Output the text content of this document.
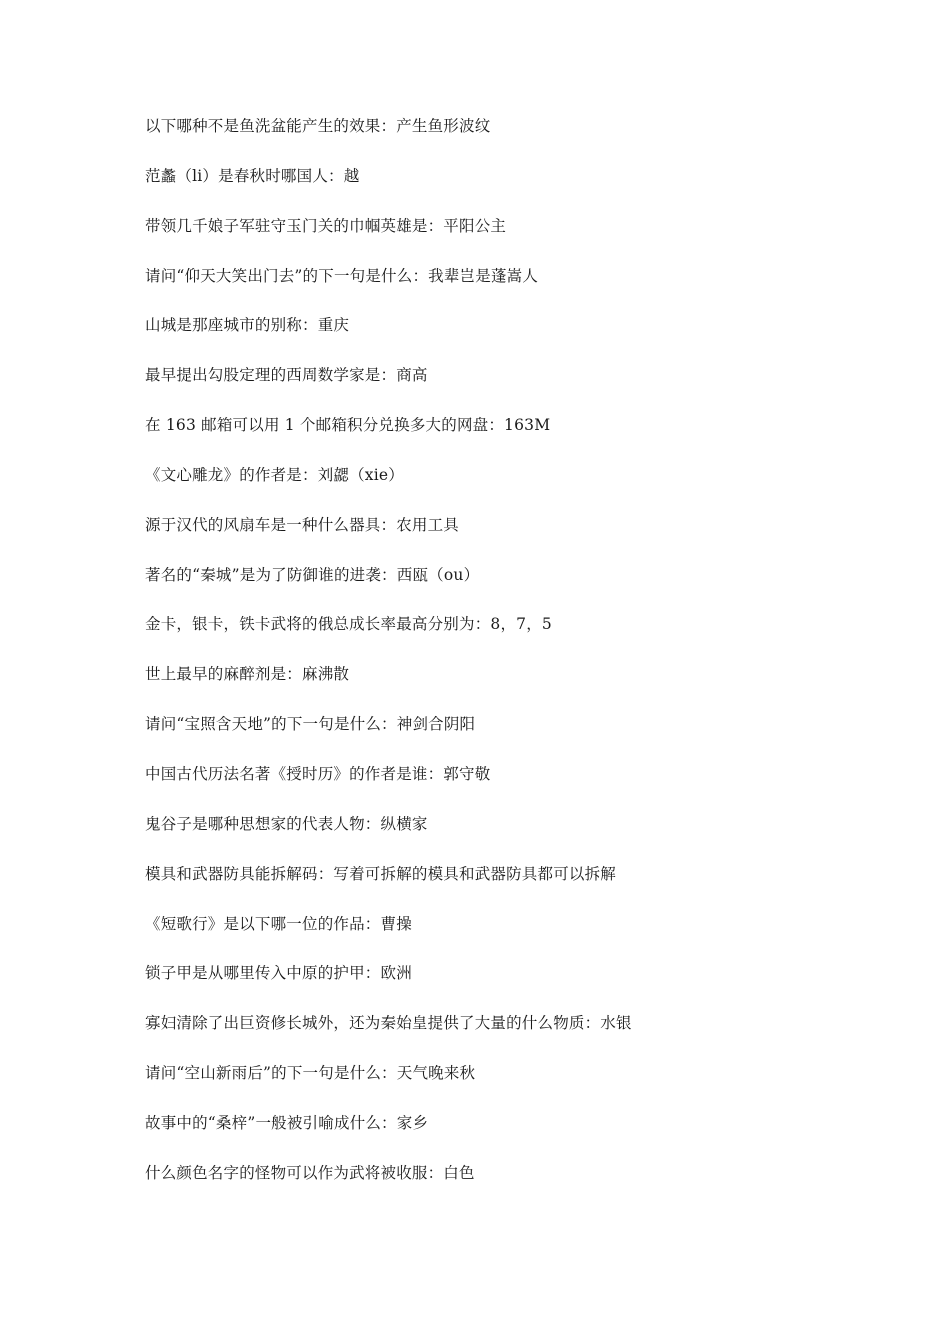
以下哪种不是鱼洗盆能产生的效果：产生鱼形波纹
范蠡（li）是春秋时哪国人：越
带领几千娘子军驻守玉门关的巾帼英雄是：平阳公主
请问“仰天大笑出门去”的下一句是什么：我辈岂是蓬嵩人
山城是那座城市的别称：重庆
最早提出勾股定理的西周数学家是：商高
在 163 邮箱可以用 1 个邮箱积分兑换多大的网盘：163M
《文心雕龙》的作者是：刘勰（xie）
源于汉代的风扇车是一种什么器具：农用工具
著名的“秦城”是为了防御谁的进袭：西瓯（ou）
金卡，银卡，铁卡武将的俄总成长率最高分别为：8，7，5
世上最早的麻醉剂是：麻沸散
请问“宝照含天地”的下一句是什么：神剑合阴阳
中国古代历法名著《授时历》的作者是谁：郭守敬
鬼谷子是哪种思想家的代表人物：纵横家
模具和武器防具能拆解码：写着可拆解的模具和武器防具都可以拆解
《短歌行》是以下哪一位的作品：曹操
锁子甲是从哪里传入中原的护甲：欧洲
寡妇清除了出巨资修长城外，还为秦始皇提供了大量的什么物质：水银
请问“空山新雨后”的下一句是什么：天气晚来秋
故事中的“桑梓”一般被引喻成什么：家乡
什么颜色名字的怪物可以作为武将被收服：白色
